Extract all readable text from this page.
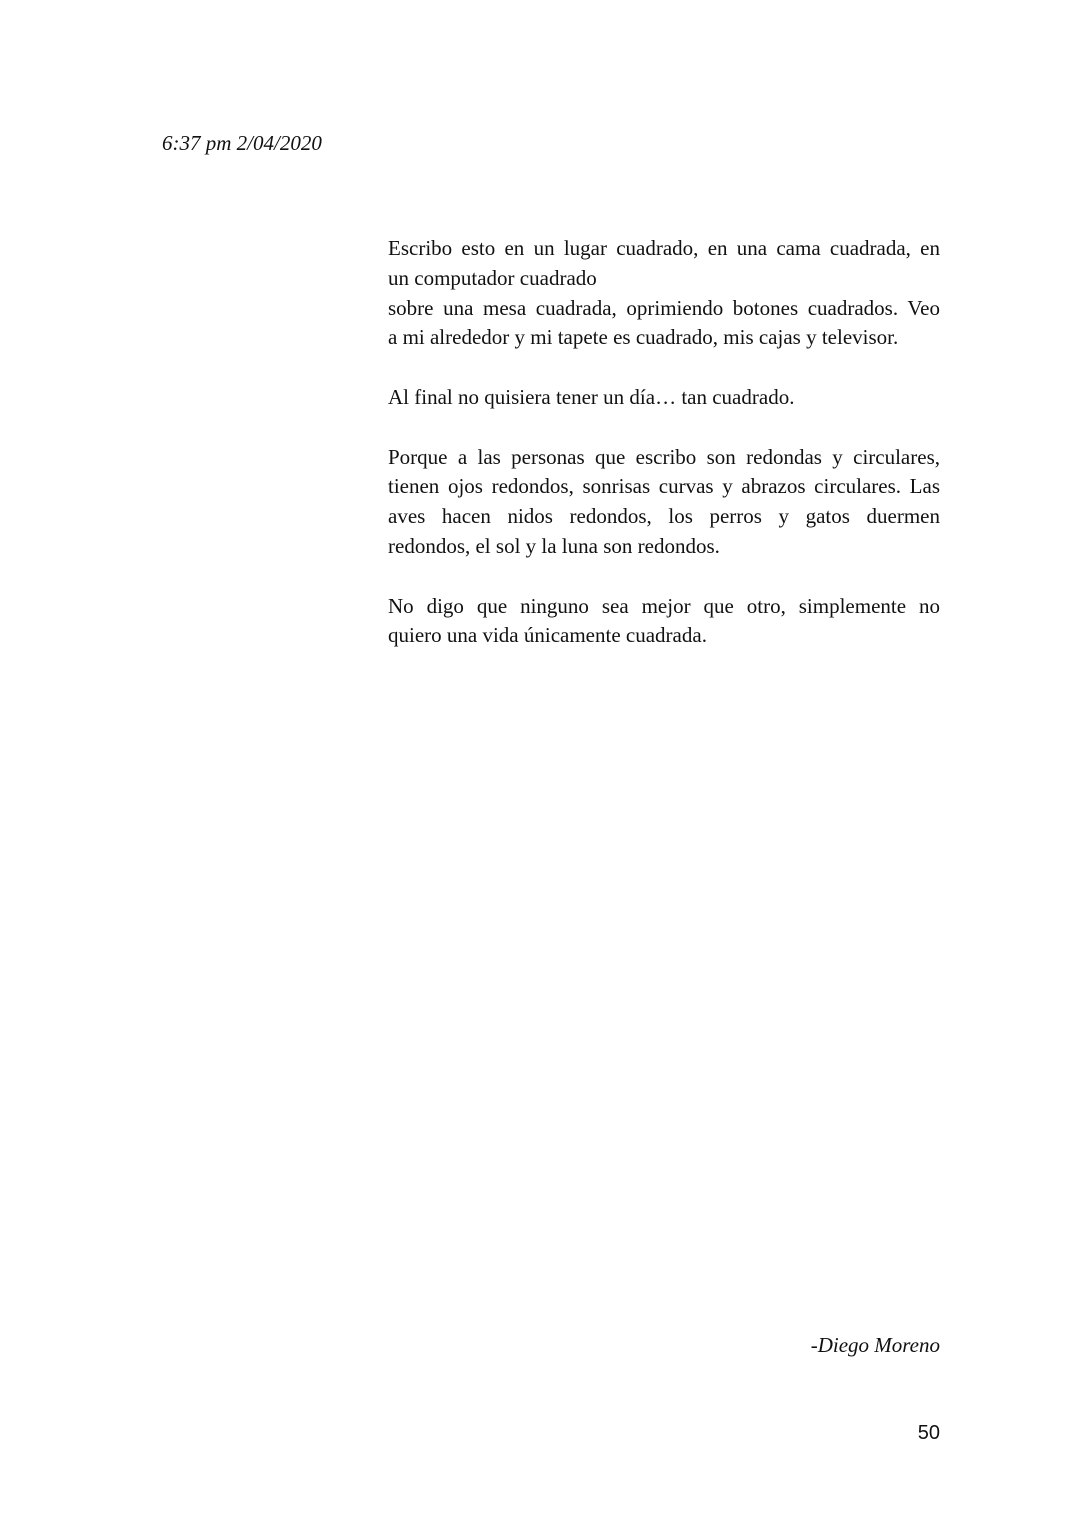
6:37 pm 2/04/2020

Escribo esto en un lugar cuadrado, en una cama cuadrada, en
un computador cuadrado
sobre una mesa cuadrada, oprimiendo botones cuadrados. Veo
a mi alrededor y mi tapete es cuadrado, mis cajas y televisor.

Al final no quisiera tener un día… tan cuadrado.

Porque a las personas que escribo son redondas y circulares,
tienen ojos redondos, sonrisas curvas y abrazos circulares. Las
aves hacen nidos redondos, los perros y gatos duermen
redondos, el sol y la luna son redondos.

No digo que ninguno sea mejor que otro, simplemente no
quiero una vida únicamente cuadrada.

-Diego Moreno
50
